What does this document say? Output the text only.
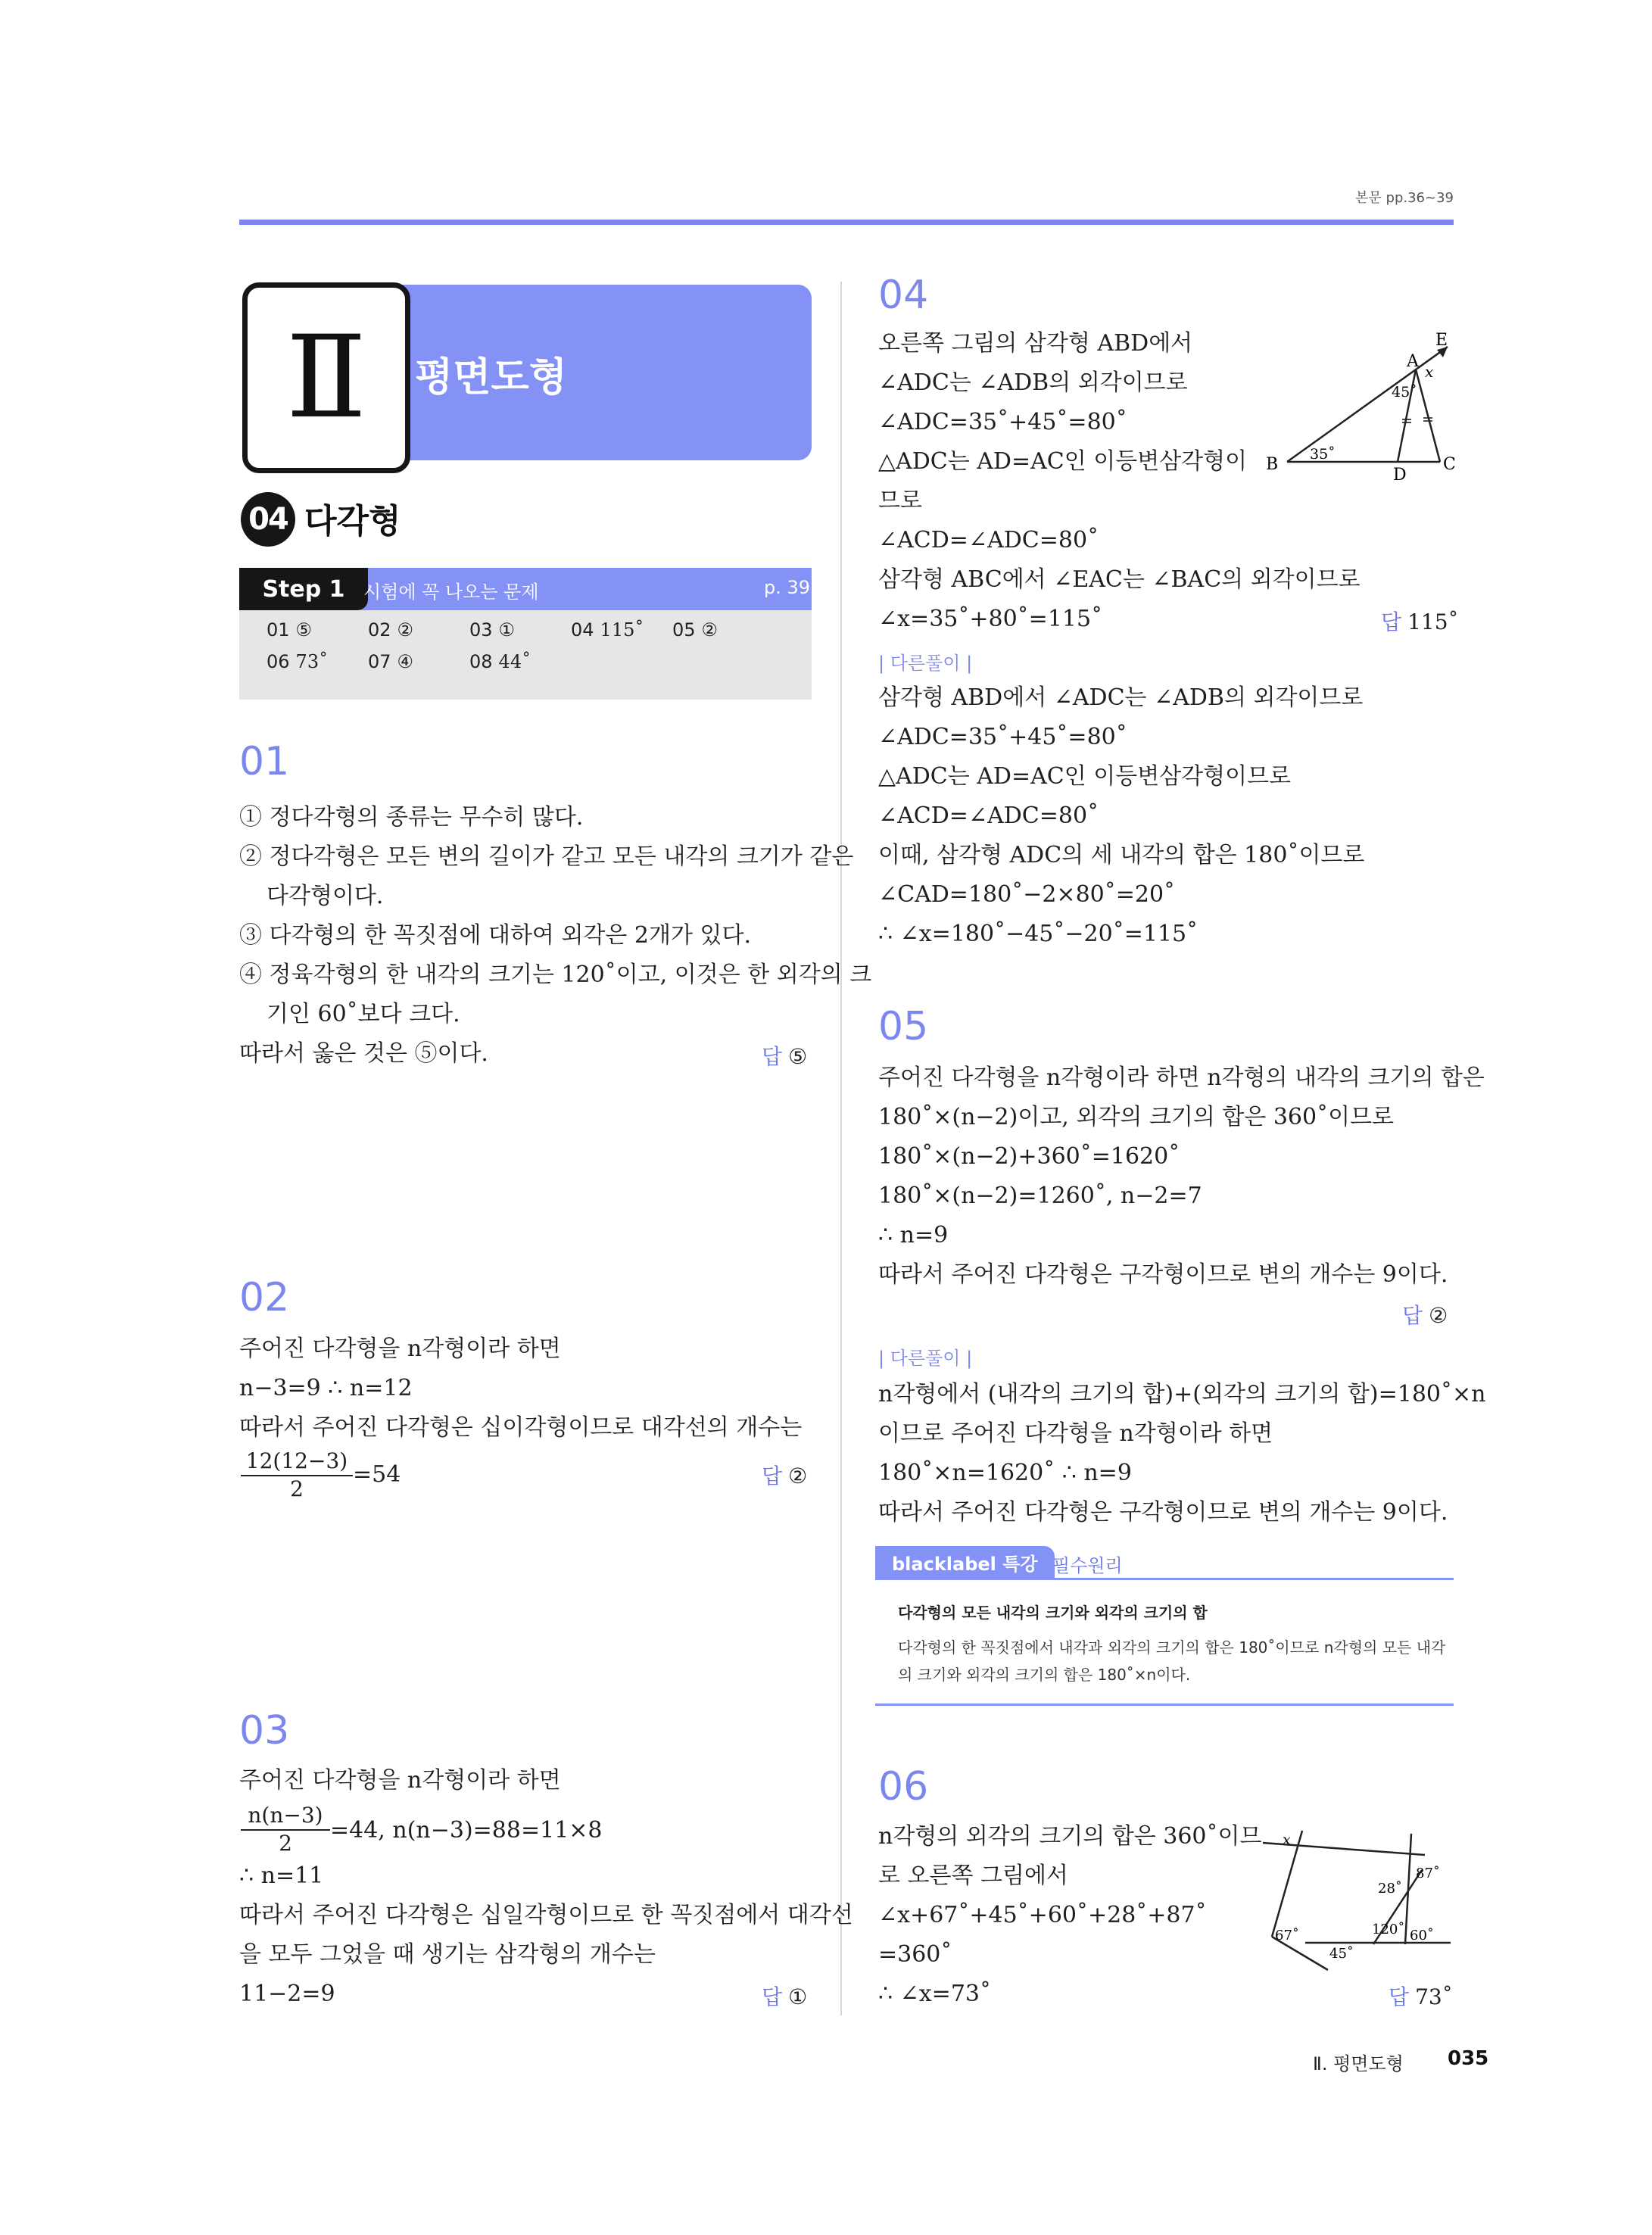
본문 pp.36~39
Ⅱ 평면도형
04 다각형
Step 1	시험에 꼭 나오는 문제	p. 39
01 ⑤	02 ②	03 ①	04 115˚ 05 ②
06 73˚ 07 ④	08 44˚
01
① 정다각형의 종류는 무수히 많다.
② 정다각형은 모든 변의 길이가 같고 모든 내각의 크기가 같은
다각형이다.
③ 다각형의 한 꼭짓점에 대하여 외각은 2개가 있다.
④ 정육각형의 한 내각의 크기는 120˚이고, 이것은 한 외각의 크
기인 60˚보다 크다.
따라서 옳은 것은 ⑤이다.	답 ⑤
02
주어진 다각형을 n각형이라 하면
n−3=9 ∴ n=12
따라서 주어진 다각형은 십이각형이므로 대각선의 개수는
$\frac{12(12-3)}{2} =54$	답 ②
03
주어진 다각형을 n각형이라 하면
$\frac{n(n-3)}{2} =44$, n(n−3)=88=11×8
∴ n=11
따라서 주어진 다각형은 십일각형이므로 한 꼭짓점에서 대각선
을 모두 그었을 때 생기는 삼각형의 개수는
11−2=9	답 ①
04
오른쪽 그림의 삼각형 ABD에서
∠ADC는 ∠ADB의 외각이므로
∠ADC=35˚+45˚=80˚
△ADC는 AD=AC인 이등변삼각형이
므로
∠ACD=∠ADC=80˚
삼각형 ABC에서 ∠EAC는 ∠BAC의 외각이므로
∠x=35˚+80˚=115˚	답 115˚
A
B	C
D
E
x
45˚
35˚
| 다른풀이 |
삼각형 ABD에서 ∠ADC는 ∠ADB의 외각이므로
∠ADC=35˚+45˚=80˚
△ADC는 AD=AC인 이등변삼각형이므로
∠ACD=∠ADC=80˚
이때, 삼각형 ADC의 세 내각의 합은 180˚이므로
∠CAD=180˚−2×80˚=20˚
∴ ∠x=180˚−45˚−20˚=115˚
05
주어진 다각형을 n각형이라 하면 n각형의 내각의 크기의 합은
180˚×(n−2)이고, 외각의 크기의 합은 360˚이므로
180˚×(n−2)+360˚=1620˚
180˚×(n−2)=1260˚, n−2=7
∴ n=9
따라서 주어진 다각형은 구각형이므로 변의 개수는 9이다.
답 ②
| 다른풀이 |
n각형에서 (내각의 크기의 합)+(외각의 크기의 합)=180˚×n
이므로 주어진 다각형을 n각형이라 하면
180˚×n=1620˚ ∴ n=9
따라서 주어진 다각형은 구각형이므로 변의 개수는 9이다.
blacklabel 특강 필수원리
다각형의 모든 내각의 크기와 외각의 크기의 합
다각형의 한 꼭짓점에서 내각과 외각의 크기의 합은 180˚이므로 n각형의 모든 내각
의 크기와 외각의 크기의 합은 180˚×n이다.
06
n각형의 외각의 크기의 합은 360˚이므
로 오른쪽 그림에서
∠x+67˚+45˚+60˚+28˚+87˚
=360˚
∴ ∠x=73˚	답 73˚
x
87˚
28˚
67˚	120˚ 60˚
45˚
Ⅱ. 평면도형 035
